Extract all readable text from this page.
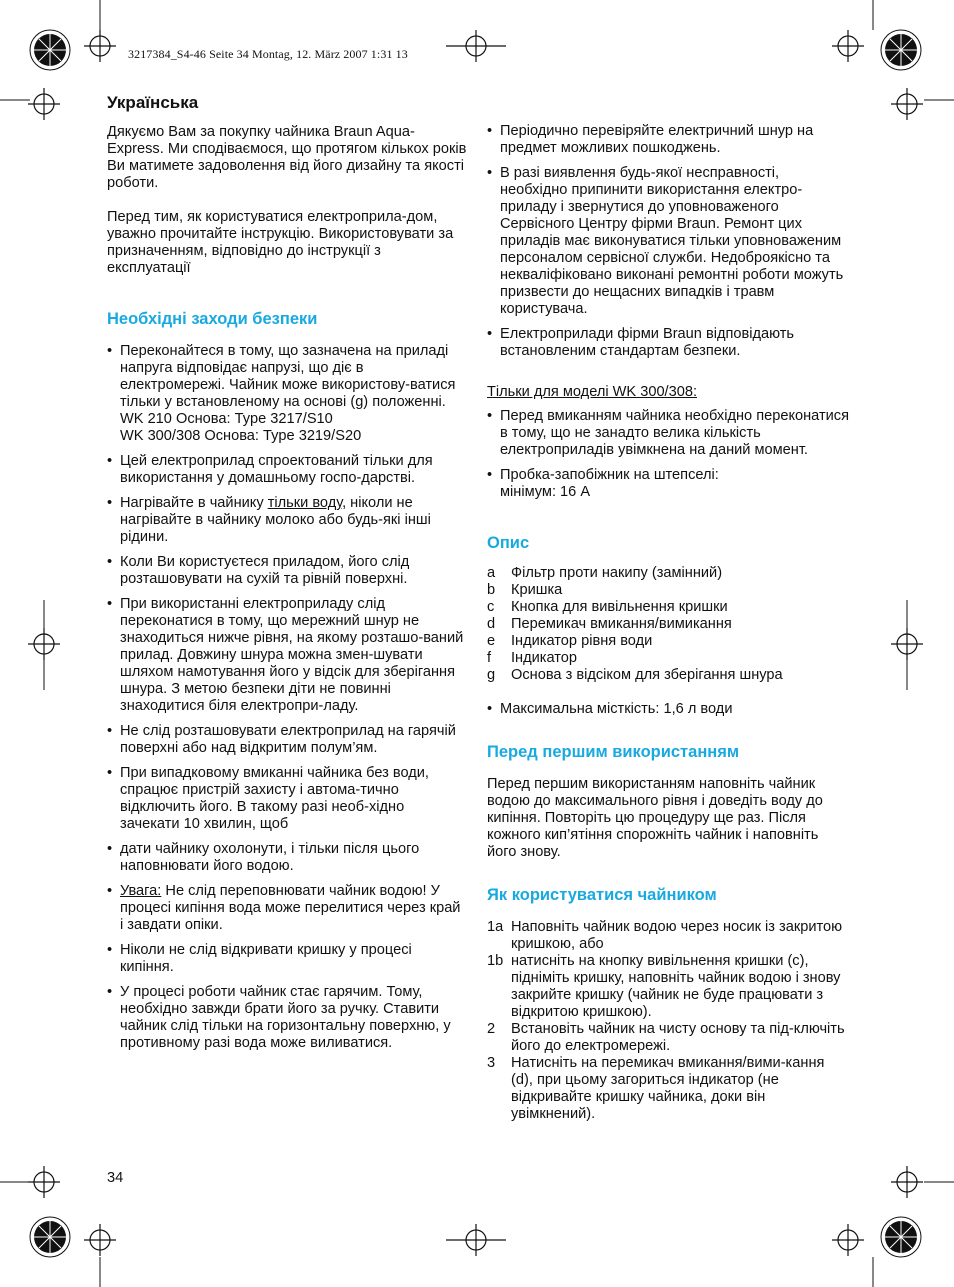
3217384_S4-46 Seite 34 Montag, 12. März 2007 1:31 13
Українська

Дякуємо Вам за покупку чайника Braun Aqua-Express. Ми сподіваємося, що протягом кількох років Ви матимете задоволення від його дизайну та якості роботи.

Перед тим, як користуватися електроприла-дом, уважно прочитайте інструкцію. Використовувати за призначенням, відповідно до інструкції з експлуатації

Необхідні заходи безпеки
• Переконайтеся в тому, що зазначена на приладі напруга відповідає напрузі, що діє в електромережі. Чайник може використову-ватися тільки у встановленому на основі (g) положенні.
WK 210 Основа: Type 3217/S10
WK 300/308 Основа: Type 3219/S20
• Цей електроприлад спроектований тільки для використання у домашньому госпо-дарстві.
• Нагрівайте в чайнику тільки воду, ніколи не нагрівайте в чайнику молоко або будь-які інші рідини.
• Коли Ви користуєтеся приладом, його слід розташовувати на сухій та рівній поверхні.
• При використанні електроприладу слід переконатися в тому, що мережний шнур не знаходиться нижче рівня, на якому розташо-ваний прилад. Довжину шнура можна змен-шувати шляхом намотування його у відсік для зберігання шнура. З метою безпеки діти не повинні знаходитися біля електропри-ладу.
• Не слід розташовувати електроприлад на гарячій поверхні або над відкритим полум’ям.
• При випадковому вмиканні чайника без води, спрацює пристрій захисту і автома-тично відключить його. В такому разі необ-хідно зачекати 10 хвилин, щоб
• дати чайнику охолонути, і тільки після цього наповнювати його водою.
• Увага: Не слід переповнювати чайник водою! У процесі кипіння вода може перелитися через край і завдати опіки.
• Ніколи не слід відкривати кришку у процесі кипіння.
• У процесі роботи чайник стає гарячим. Тому, необхідно завжди брати його за ручку. Ставити чайник слід тільки на горизонтальну поверхню, у противному разі вода може виливатися.
• Періодично перевіряйте електричний шнур на предмет можливих пошкоджень.
• В разі виявлення будь-якої несправності, необхідно припинити використання електро-приладу і звернутися до уповноваженого Сервісного Центру фірми Braun. Ремонт цих приладів має виконуватися тільки уповноваженим персоналом сервісної служби. Недоброякісно та некваліфіковано виконані ремонтні роботи можуть призвести до нещасних випадків і травм користувача.
• Електроприлади фірми Braun відповідають встановленим стандартам безпеки.

Тільки для моделі WK 300/308:

• Перед вмиканням чайника необхідно переконатися в тому, що не занадто велика кількість електроприладів увімкнена на даний момент.
• Пробка-запобіжник на штепселі:
мінімум: 16 A
Опис
a	Фільтр проти накипу (замінний)
b	Кришка
c	Кнопка для вивільнення кришки
d	Перемикач вмикання/вимикання
e	Індикатор рівня води
f	Індикатор
g	Основа з відсіком для зберігання шнура
• Максимальна місткість: 1,6 л води
Перед першим використанням

Перед першим використанням наповніть чайник водою до максимального рівня і доведіть воду до кипіння. Повторіть цю процедуру ще раз. Після кожного кип’ятіння спорожніть чайник і наповніть його знову.

Як користуватися чайником
1a Наповніть чайник водою через носик із закритою кришкою, або
1b натисніть на кнопку вивільнення кришки (c), підніміть кришку, наповніть чайник водою і знову закрийте кришку (чайник не буде працювати з відкритою кришкою).
2	Встановіть чайник на чисту основу та під-ключіть його до електромережі.
3	Натисніть на перемикач вмикання/вими-кання (d), при цьому загориться індикатор (не відкривайте кришку чайника, доки він увімкнений).
34
